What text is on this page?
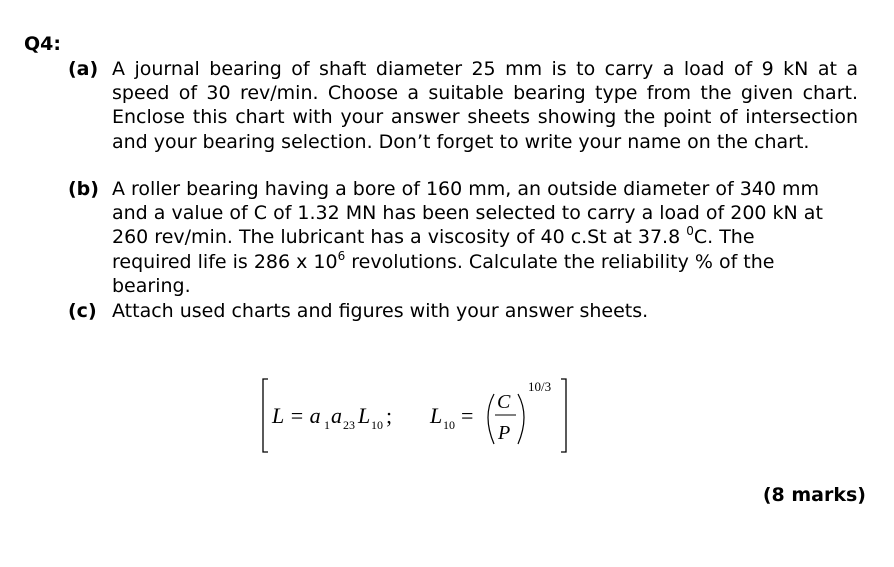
Q4:
(a) A journal bearing of shaft diameter 25 mm is to carry a load of 9 kN at a speed of 30 rev/min. Choose a suitable bearing type from the given chart. Enclose this chart with your answer sheets showing the point of intersection and your bearing selection. Don’t forget to write your name on the chart.
(b) A roller bearing having a bore of 160 mm, an outside diameter of 340 mm and a value of C of 1.32 MN has been selected to carry a load of 200 kN at 260 rev/min. The lubricant has a viscosity of 40 c.St at 37.8 $^0$C. The required life is 286 x $10^6$ revolutions. Calculate the reliability % of the bearing.
(c) Attach used charts and figures with your answer sheets.
L = a 1 a 23 L 10 ; L 10 =
C
P
10/3
(8 marks)
